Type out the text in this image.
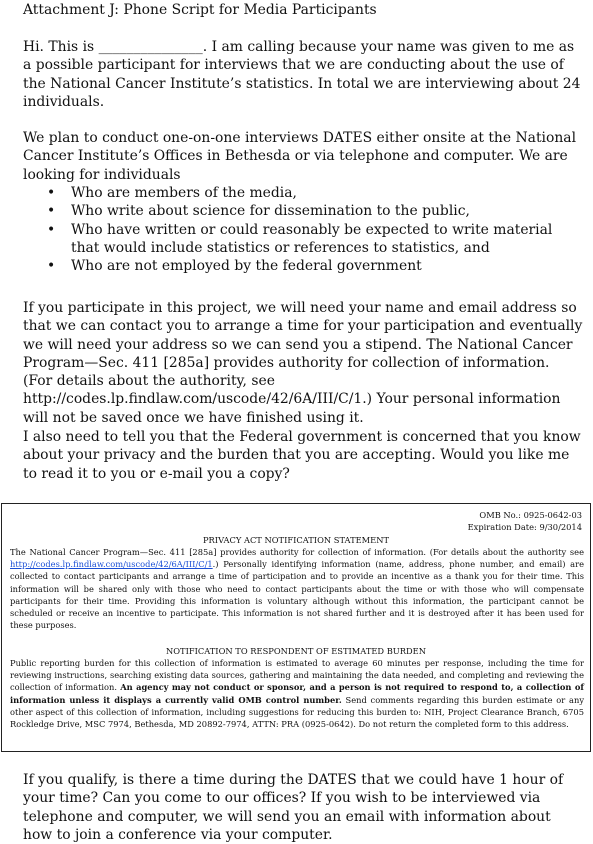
Attachment J: Phone Script for Media Participants

Hi. This is _______________. I am calling because your name was given to me as a possible participant for interviews that we are conducting about the use of the National Cancer Institute’s statistics. In total we are interviewing about 24 individuals.

We plan to conduct one-on-one interviews DATES either onsite at the National Cancer Institute’s Offices in Bethesda or via telephone and computer. We are looking for individuals

• Who are members of the media,
• Who write about science for dissemination to the public,
• Who have written or could reasonably be expected to write material that would include statistics or references to statistics, and
• Who are not employed by the federal government

If you participate in this project, we will need your name and email address so that we can contact you to arrange a time for your participation and eventually we will need your address so we can send you a stipend. The National Cancer Program—Sec. 411 [285a] provides authority for collection of information. (For details about the authority, see http://codes.lp.findlaw.com/uscode/42/6A/III/C/1.) Your personal information will not be saved once we have finished using it.

I also need to tell you that the Federal government is concerned that you know about your privacy and the burden that you are accepting. Would you like me to read it to you or e-mail you a copy?

OMB No.: 0925-0642-03
Expiration Date: 9/30/2014
PRIVACY ACT NOTIFICATION STATEMENT
The National Cancer Program—Sec. 411 [285a] provides authority for collection of information. (For details about the authority see http://codes.lp.findlaw.com/uscode/42/6A/III/C/1.) Personally identifying information (name, address, phone number, and email) are collected to contact participants and arrange a time of participation and to provide an incentive as a thank you for their time. This information will be shared only with those who need to contact participants about the time or with those who will compensate participants for their time. Providing this information is voluntary although without this information, the participant cannot be scheduled or receive an incentive to participate. This information is not shared further and it is destroyed after it has been used for these purposes.
NOTIFICATION TO RESPONDENT OF ESTIMATED BURDEN
Public reporting burden for this collection of information is estimated to average 60 minutes per response, including the time for reviewing instructions, searching existing data sources, gathering and maintaining the data needed, and completing and reviewing the collection of information. An agency may not conduct or sponsor, and a person is not required to respond to, a collection of information unless it displays a currently valid OMB control number. Send comments regarding this burden estimate or any other aspect of this collection of information, including suggestions for reducing this burden to: NIH, Project Clearance Branch, 6705 Rockledge Drive, MSC 7974, Bethesda, MD 20892-7974, ATTN: PRA (0925-0642). Do not return the completed form to this address.

If you qualify, is there a time during the DATES that we could have 1 hour of your time? Can you come to our offices? If you wish to be interviewed via telephone and computer, we will send you an email with information about how to join a conference via your computer.
